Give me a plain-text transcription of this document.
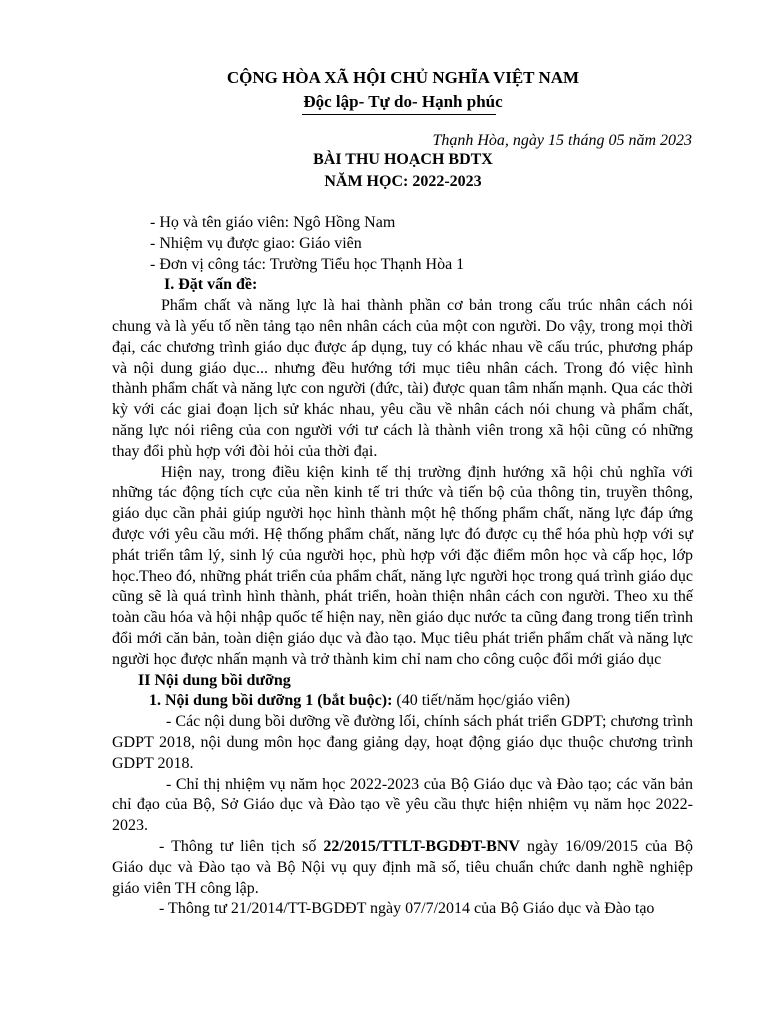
CỘNG HÒA XÃ HỘI CHỦ NGHĨA VIỆT NAM
Độc lập- Tự do- Hạnh phúc
Thạnh Hòa, ngày 15 tháng 05 năm 2023
BÀI THU HOẠCH BDTX
NĂM HỌC: 2022-2023

- Họ và tên giáo viên: Ngô Hồng Nam

- Nhiệm vụ được giao: Giáo viên

- Đơn vị công tác: Trường Tiểu học Thạnh Hòa 1

I. Đặt vấn đề:

Phẩm chất và năng lực là hai thành phần cơ bản trong cấu trúc nhân cách nói chung và là yếu tố nền tảng tạo nên nhân cách của một con người. Do vậy, trong mọi thời đại, các chương trình giáo dục được áp dụng, tuy có khác nhau về cấu trúc, phương pháp và nội dung giáo dục... nhưng đều hướng tới mục tiêu nhân cách. Trong đó việc hình thành phẩm chất và năng lực con người (đức, tài) được quan tâm nhấn mạnh. Qua các thời kỳ với các giai đoạn lịch sử khác nhau, yêu cầu về nhân cách nói chung và phẩm chất, năng lực nói riêng của con người với tư cách là thành viên trong xã hội cũng có những thay đổi phù hợp với đòi hỏi của thời đại.

Hiện nay, trong điều kiện kinh tế thị trường định hướng xã hội chủ nghĩa với những tác động tích cực của nền kinh tế tri thức và tiến bộ của thông tin, truyền thông, giáo dục cần phải giúp người học hình thành một hệ thống phẩm chất, năng lực đáp ứng được với yêu cầu mới. Hệ thống phẩm chất, năng lực đó được cụ thể hóa phù hợp với sự phát triển tâm lý, sinh lý của người học, phù hợp với đặc điểm môn học và cấp học, lớp học.Theo đó, những phát triển của phẩm chất, năng lực người học trong quá trình giáo dục cũng sẽ là quá trình hình thành, phát triển, hoàn thiện nhân cách con người. Theo xu thế toàn cầu hóa và hội nhập quốc tế hiện nay, nền giáo dục nước ta cũng đang trong tiến trình đổi mới căn bản, toàn diện giáo dục và đào tạo. Mục tiêu phát triển phẩm chất và năng lực người học được nhấn mạnh và trở thành kim chỉ nam cho công cuộc đổi mới giáo dục

II Nội dung bồi dưỡng

1. Nội dung bồi dưỡng 1 (bắt buộc): (40 tiết/năm học/giáo viên)

- Các nội dung bồi dưỡng về đường lối, chính sách phát triển GDPT; chương trình GDPT 2018, nội dung môn học đang giảng dạy, hoạt động giáo dục thuộc chương trình GDPT 2018.

- Chỉ thị nhiệm vụ năm học 2022-2023 của Bộ Giáo dục và Đào tạo; các văn bản chỉ đạo của Bộ, Sở Giáo dục và Đào tạo về yêu cầu thực hiện nhiệm vụ năm học 2022-2023.

- Thông tư liên tịch số 22/2015/TTLT-BGDĐT-BNV ngày 16/09/2015 của Bộ Giáo dục và Đào tạo và Bộ Nội vụ quy định mã số, tiêu chuẩn chức danh nghề nghiệp giáo viên TH công lập.

- Thông tư 21/2014/TT-BGDĐT ngày 07/7/2014 của Bộ Giáo dục và Đào tạo
